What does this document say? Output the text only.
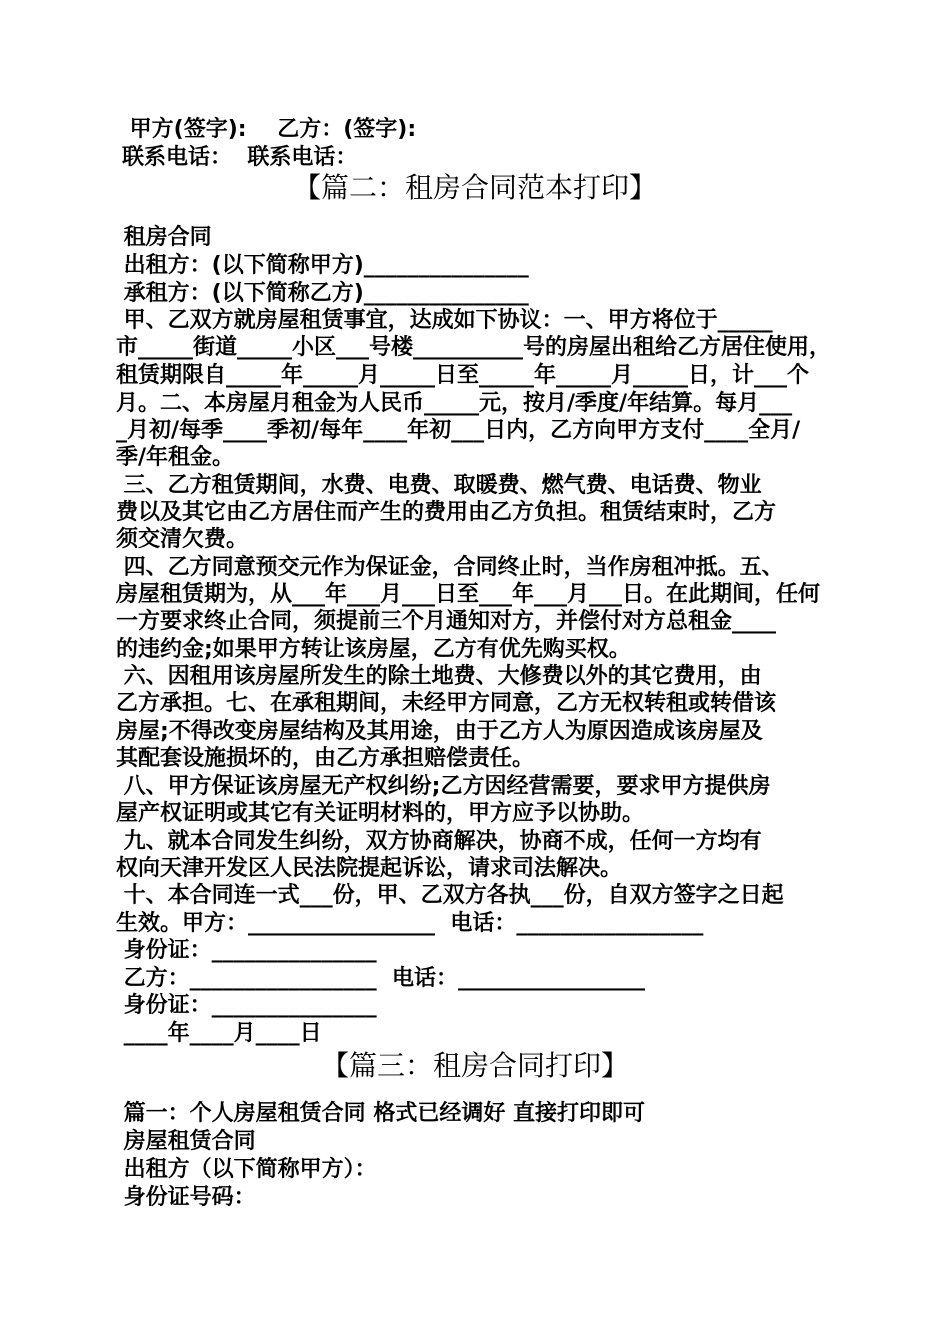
甲方(签字):    乙方：(签字):
联系电话：  联系电话：
【篇二：租房合同范本打印】
租房合同
出租方：(以下简称甲方)_______________
承租方：(以下简称乙方)_______________
甲、乙双方就房屋租赁事宜，达成如下协议：一、甲方将位于_____
市_____街道_____小区___号楼__________号的房屋出租给乙方居住使用，
租赁期限自_____年_____月_____日至_____年_____月_____日，计___个
月。二、本房屋月租金为人民币_____元，按月/季度/年结算。每月___
_月初/每季____季初/每年____年初___日内，乙方向甲方支付____全月/
季/年租金。
三、乙方租赁期间，水费、电费、取暖费、燃气费、电话费、物业
费以及其它由乙方居住而产生的费用由乙方负担。租赁结束时，乙方
须交清欠费。
四、乙方同意预交元作为保证金，合同终止时，当作房租冲抵。五、
房屋租赁期为，从___年___月___日至___年___月___日。在此期间，任何
一方要求终止合同，须提前三个月通知对方，并偿付对方总租金____
的违约金;如果甲方转让该房屋，乙方有优先购买权。
六、因租用该房屋所发生的除土地费、大修费以外的其它费用，由
乙方承担。七、在承租期间，未经甲方同意，乙方无权转租或转借该
房屋;不得改变房屋结构及其用途，由于乙方人为原因造成该房屋及
其配套设施损坏的，由乙方承担赔偿责任。
八、甲方保证该房屋无产权纠纷;乙方因经营需要，要求甲方提供房
屋产权证明或其它有关证明材料的，甲方应予以协助。
九、就本合同发生纠纷，双方协商解决，协商不成，任何一方均有
权向天津开发区人民法院提起诉讼，请求司法解决。
十、本合同连一式___份，甲、乙双方各执___份，自双方签字之日起
生效。甲方：_________________  电话：_________________
身份证：_______________
乙方：_________________  电话：_________________
身份证：_______________
____年____月____日
【篇三：租房合同打印】
篇一：个人房屋租赁合同 格式已经调好 直接打印即可
房屋租赁合同
出租方（以下简称甲方）：
身份证号码：
